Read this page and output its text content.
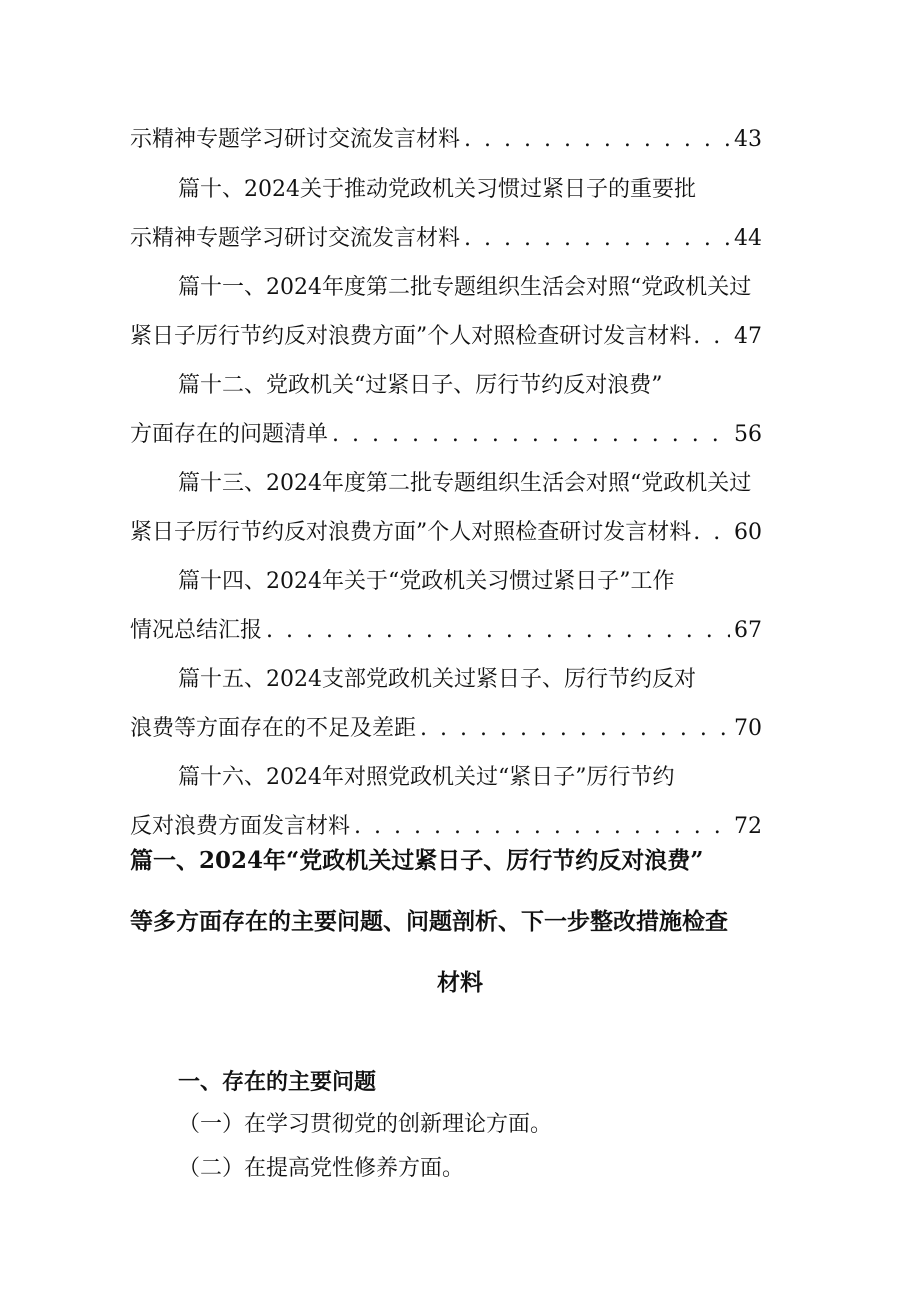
示精神专题学习研讨交流发言材料 . . .	43
篇十、2024关于推动党政机关习惯过紧日子的重要批
示精神专题学习研讨交流发言材料 . . .	44
篇十一、2024年度第二批专题组织生活会对照“党政机关过
紧日子厉行节约反对浪费方面”个人对照检查研讨发言材料 . . . 47
篇十二、党政机关“过紧日子、厉行节约反对浪费”
方面存在的问题清单 . . .	56
篇十三、2024年度第二批专题组织生活会对照“党政机关过
紧日子厉行节约反对浪费方面”个人对照检查研讨发言材料 . . . 60
篇十四、2024年关于“党政机关习惯过紧日子”工作
情况总结汇报 . . .	67
篇十五、2024支部党政机关过紧日子、厉行节约反对
浪费等方面存在的不足及差距 . . .	70
篇十六、2024年对照党政机关过“紧日子”厉行节约
反对浪费方面发言材料 . . .	72
篇一、2024年“党政机关过紧日子、厉行节约反对浪费”
等多方面存在的主要问题、问题剖析、下一步整改措施检查
材料
一、存在的主要问题
（一）在学习贯彻党的创新理论方面。
（二）在提高党性修养方面。
